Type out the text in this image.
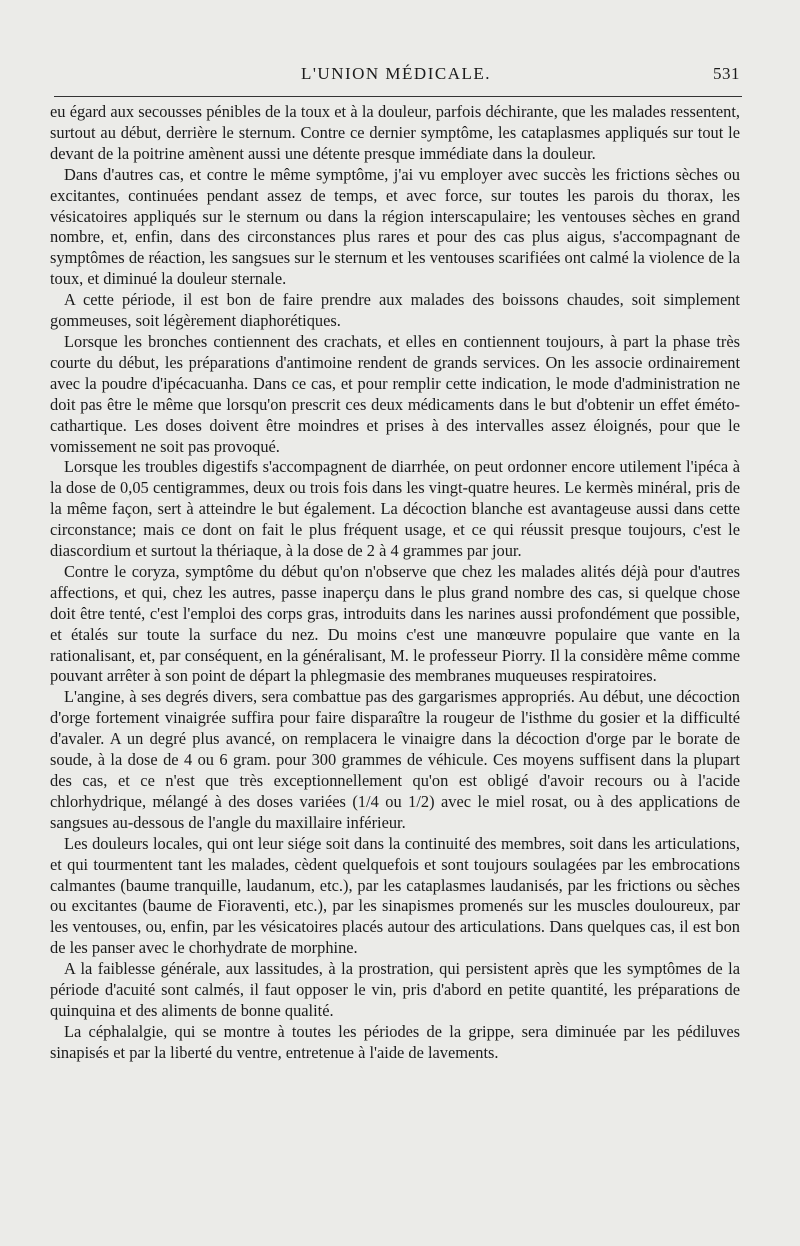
L'UNION MÉDICALE.	531

eu égard aux secousses pénibles de la toux et à la douleur, parfois déchirante, que les malades ressentent, surtout au début, derrière le sternum. Contre ce dernier symptôme, les cataplasmes appliqués sur tout le devant de la poitrine amènent aussi une détente presque immédiate dans la douleur.

Dans d'autres cas, et contre le même symptôme, j'ai vu employer avec succès les frictions sèches ou excitantes, continuées pendant assez de temps, et avec force, sur toutes les parois du thorax, les vésicatoires appliqués sur le sternum ou dans la région interscapulaire; les ventouses sèches en grand nombre, et, enfin, dans des circonstances plus rares et pour des cas plus aigus, s'accompagnant de symptômes de réaction, les sangsues sur le sternum et les ventouses scarifiées ont calmé la violence de la toux, et diminué la douleur sternale.

A cette période, il est bon de faire prendre aux malades des boissons chaudes, soit simplement gommeuses, soit légèrement diaphorétiques.

Lorsque les bronches contiennent des crachats, et elles en contiennent toujours, à part la phase très courte du début, les préparations d'antimoine rendent de grands services. On les associe ordinairement avec la poudre d'ipécacuanha. Dans ce cas, et pour remplir cette indication, le mode d'administration ne doit pas être le même que lorsqu'on prescrit ces deux médicaments dans le but d'obtenir un effet éméto-cathartique. Les doses doivent être moindres et prises à des intervalles assez éloignés, pour que le vomissement ne soit pas provoqué.

Lorsque les troubles digestifs s'accompagnent de diarrhée, on peut ordonner encore utilement l'ipéca à la dose de 0,05 centigrammes, deux ou trois fois dans les vingt-quatre heures. Le kermès minéral, pris de la même façon, sert à atteindre le but également. La décoction blanche est avantageuse aussi dans cette circonstance; mais ce dont on fait le plus fréquent usage, et ce qui réussit presque toujours, c'est le diascordium et surtout la thériaque, à la dose de 2 à 4 grammes par jour.

Contre le coryza, symptôme du début qu'on n'observe que chez les malades alités déjà pour d'autres affections, et qui, chez les autres, passe inaperçu dans le plus grand nombre des cas, si quelque chose doit être tenté, c'est l'emploi des corps gras, introduits dans les narines aussi profondément que possible, et étalés sur toute la surface du nez. Du moins c'est une manœuvre populaire que vante en la rationalisant, et, par conséquent, en la généralisant, M. le professeur Piorry. Il la considère même comme pouvant arrêter à son point de départ la phlegmasie des membranes muqueuses respiratoires.

L'angine, à ses degrés divers, sera combattue pas des gargarismes appropriés. Au début, une décoction d'orge fortement vinaigrée suffira pour faire disparaître la rougeur de l'isthme du gosier et la difficulté d'avaler. A un degré plus avancé, on remplacera le vinaigre dans la décoction d'orge par le borate de soude, à la dose de 4 ou 6 gram. pour 300 grammes de véhicule. Ces moyens suffisent dans la plupart des cas, et ce n'est que très exceptionnellement qu'on est obligé d'avoir recours ou à l'acide chlorhydrique, mélangé à des doses variées (1/4 ou 1/2) avec le miel rosat, ou à des applications de sangsues au-dessous de l'angle du maxillaire inférieur.

Les douleurs locales, qui ont leur siége soit dans la continuité des membres, soit dans les articulations, et qui tourmentent tant les malades, cèdent quelquefois et sont toujours soulagées par les embrocations calmantes (baume tranquille, laudanum, etc.), par les cataplasmes laudanisés, par les frictions ou sèches ou excitantes (baume de Fioraventi, etc.), par les sinapismes promenés sur les muscles douloureux, par les ventouses, ou, enfin, par les vésicatoires placés autour des articulations. Dans quelques cas, il est bon de les panser avec le chorhydrate de morphine.

A la faiblesse générale, aux lassitudes, à la prostration, qui persistent après que les symptômes de la période d'acuité sont calmés, il faut opposer le vin, pris d'abord en petite quantité, les préparations de quinquina et des aliments de bonne qualité.

La céphalalgie, qui se montre à toutes les périodes de la grippe, sera diminuée par les pédiluves sinapisés et par la liberté du ventre, entretenue à l'aide de lavements.
